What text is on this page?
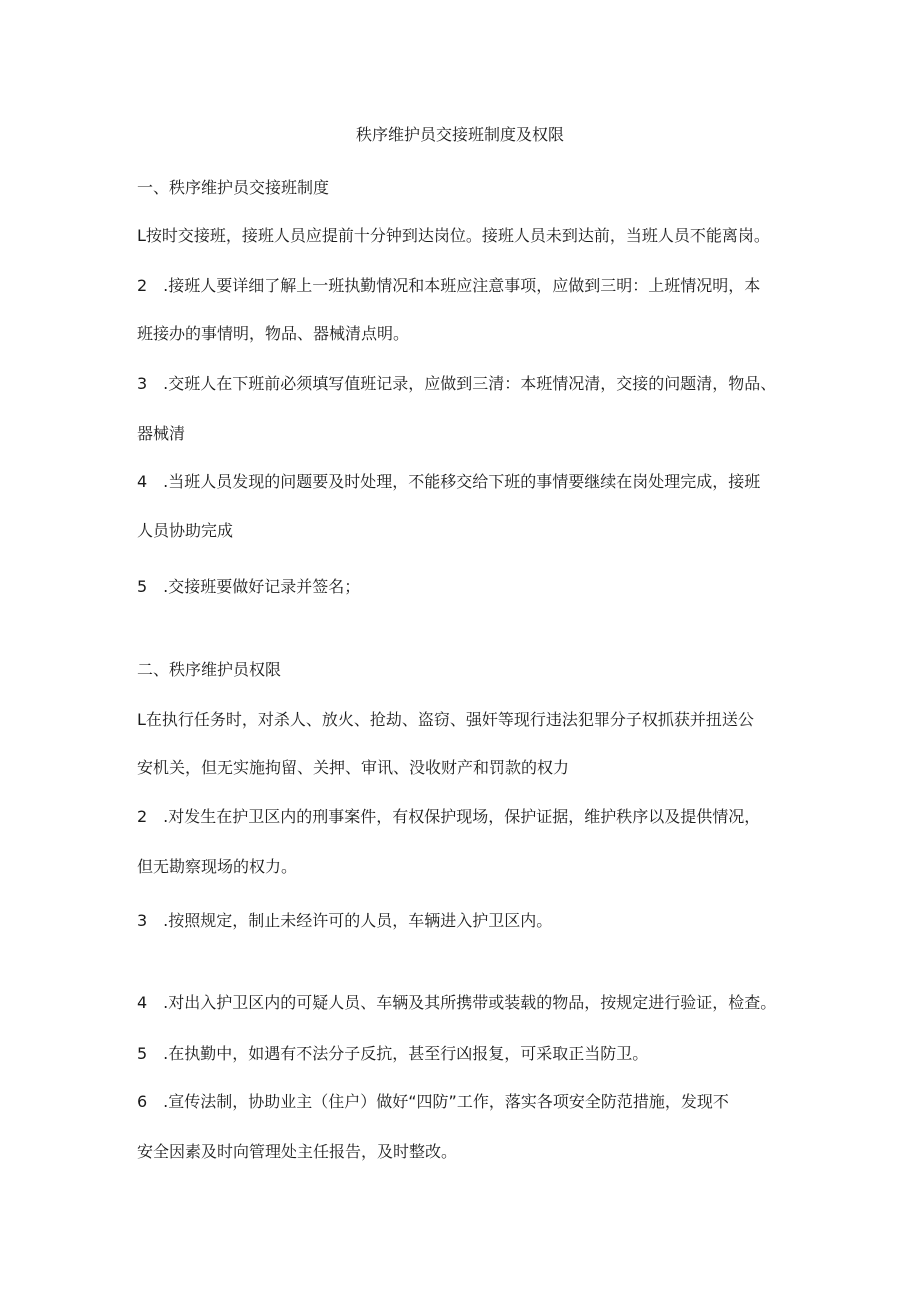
秩序维护员交接班制度及权限
一、秩序维护员交接班制度
L按时交接班，接班人员应提前十分钟到达岗位。接班人员未到达前，当班人员不能离岗。
2　.接班人要详细了解上一班执勤情况和本班应注意事项，应做到三明：上班情况明，本
班接办的事情明，物品、器械清点明。
3　.交班人在下班前必须填写值班记录，应做到三清：本班情况清，交接的问题清，物品、
器械清
4　.当班人员发现的问题要及时处理，不能移交给下班的事情要继续在岗处理完成，接班
人员协助完成
5　.交接班要做好记录并签名；
二、秩序维护员权限
L在执行任务时，对杀人、放火、抢劫、盗窃、强奸等现行违法犯罪分子权抓获并扭送公
安机关，但无实施拘留、关押、审讯、没收财产和罚款的权力
2　.对发生在护卫区内的刑事案件，有权保护现场，保护证据，维护秩序以及提供情况，
但无勘察现场的权力。
3　.按照规定，制止未经许可的人员，车辆进入护卫区内。
4　.对出入护卫区内的可疑人员、车辆及其所携带或装载的物品，按规定进行验证，检查。
5　.在执勤中，如遇有不法分子反抗，甚至行凶报复，可采取正当防卫。
6　.宣传法制，协助业主（住户）做好“四防”工作，落实各项安全防范措施，发现不
安全因素及时向管理处主任报告，及时整改。
